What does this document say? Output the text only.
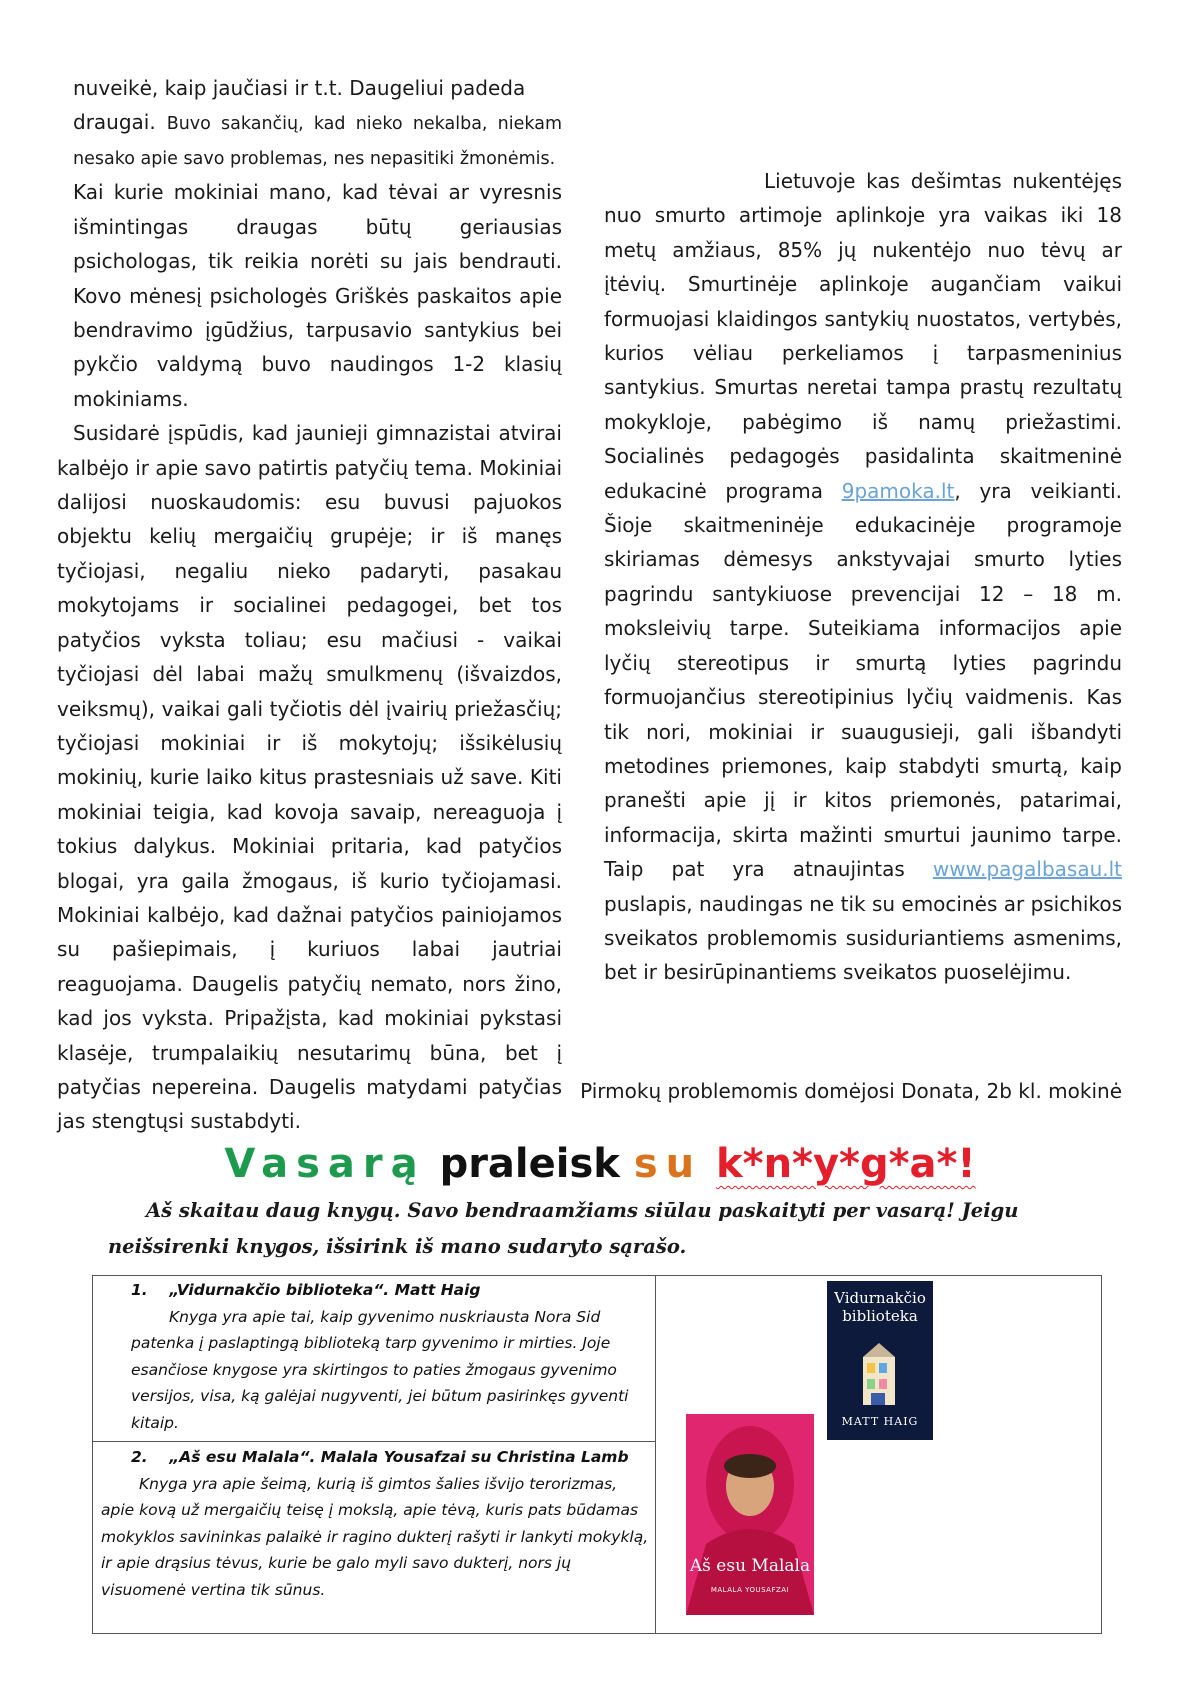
nuveikė, kaip jaučiasi ir t.t. Daugeliui padeda

draugai. Buvo sakančių, kad nieko nekalba, niekam nesako apie savo problemas, nes nepasitiki žmonėmis.

Kai kurie mokiniai mano, kad tėvai ar vyresnis išmintingas draugas būtų geriausias psichologas, tik reikia norėti su jais bendrauti. Kovo mėnesį psichologės Griškės paskaitos apie bendravimo įgūdžius, tarpusavio santykius bei pykčio valdymą buvo naudingos 1-2 klasių mokiniams.

Susidarė įspūdis, kad jaunieji gimnazistai atvirai kalbėjo ir apie savo patirtis patyčių tema. Mokiniai dalijosi nuoskaudomis: esu buvusi pajuokos objektu kelių mergaičių grupėje; ir iš manęs tyčiojasi, negaliu nieko padaryti, pasakau mokytojams ir socialinei pedagogei, bet tos patyčios vyksta toliau; esu mačiusi - vaikai tyčiojasi dėl labai mažų smulkmenų (išvaizdos, veiksmų), vaikai gali tyčiotis dėl įvairių priežasčių; tyčiojasi mokiniai ir iš mokytojų; išsikėlusių mokinių, kurie laiko kitus prastesniais už save. Kiti mokiniai teigia, kad kovoja savaip, nereaguoja į tokius dalykus. Mokiniai pritaria, kad patyčios blogai, yra gaila žmogaus, iš kurio tyčiojamasi. Mokiniai kalbėjo, kad dažnai patyčios painiojamos su pašiepimais, į kuriuos labai jautriai reaguojama. Daugelis patyčių nemato, nors žino, kad jos vyksta. Pripažįsta, kad mokiniai pykstasi klasėje, trumpalaikių nesutarimų būna, bet į patyčias nepereina. Daugelis matydami patyčias jas stengtųsi sustabdyti.

Lietuvoje kas dešimtas nukentėjęs nuo smurto artimoje aplinkoje yra vaikas iki 18 metų amžiaus, 85% jų nukentėjo nuo tėvų ar įtėvių. Smurtinėje aplinkoje augančiam vaikui formuojasi klaidingos santykių nuostatos, vertybės, kurios vėliau perkeliamos į tarpasmeninius santykius. Smurtas neretai tampa prastų rezultatų mokykloje, pabėgimo iš namų priežastimi. Socialinės pedagogės pasidalinta skaitmeninė edukacinė programa 9pamoka.lt, yra veikianti. Šioje skaitmeninėje edukacinėje programoje skiriamas dėmesys ankstyvajai smurto lyties pagrindu santykiuose prevencijai 12 – 18 m. moksleivių tarpe. Suteikiama informacijos apie lyčių stereotipus ir smurtą lyties pagrindu formuojančius stereotipinius lyčių vaidmenis. Kas tik nori, mokiniai ir suaugusieji, gali išbandyti metodines priemones, kaip stabdyti smurtą, kaip pranešti apie jį ir kitos priemonės, patarimai, informacija, skirta mažinti smurtui jaunimo tarpe. Taip pat yra atnaujintas www.pagalbasau.lt puslapis, naudingas ne tik su emocinės ar psichikos sveikatos problemomis susiduriantiems asmenims, bet ir besirūpinantiems sveikatos puoselėjimu.

Pirmokų problemomis domėjosi Donata, 2b kl. mokinė
Vasarą praleisk su k*n*y*g*a*!
Aš skaitau daug knygų. Savo bendraamžiams siūlau paskaityti per vasarą! Jeigu
neišsirenki knygos, išsirink iš mano sudaryto sąrašo.
1. „Vidurnakčio biblioteka“. Matt Haig
Knyga yra apie tai, kaip gyvenimo nuskriausta Nora Sid patenka į paslaptingą biblioteką tarp gyvenimo ir mirties. Joje esančiose knygose yra skirtingos to paties žmogaus gyvenimo versijos, visa, ką galėjai nugyventi, jei būtum pasirinkęs gyventi kitaip.
2. „Aš esu Malala“. Malala Yousafzai su Christina Lamb
Knyga yra apie šeimą, kurią iš gimtos šalies išvijo terorizmas, apie kovą už mergaičių teisę į mokslą, apie tėvą, kuris pats būdamas mokyklos savininkas palaikė ir ragino dukterį rašyti ir lankyti mokyklą, ir apie drąsius tėvus, kurie be galo myli savo dukterį, nors jų visuomenė vertina tik sūnus.
Vidurnakčio biblioteka
MATT HAIG
Aš esu Malala
MALALA YOUSAFZAI
